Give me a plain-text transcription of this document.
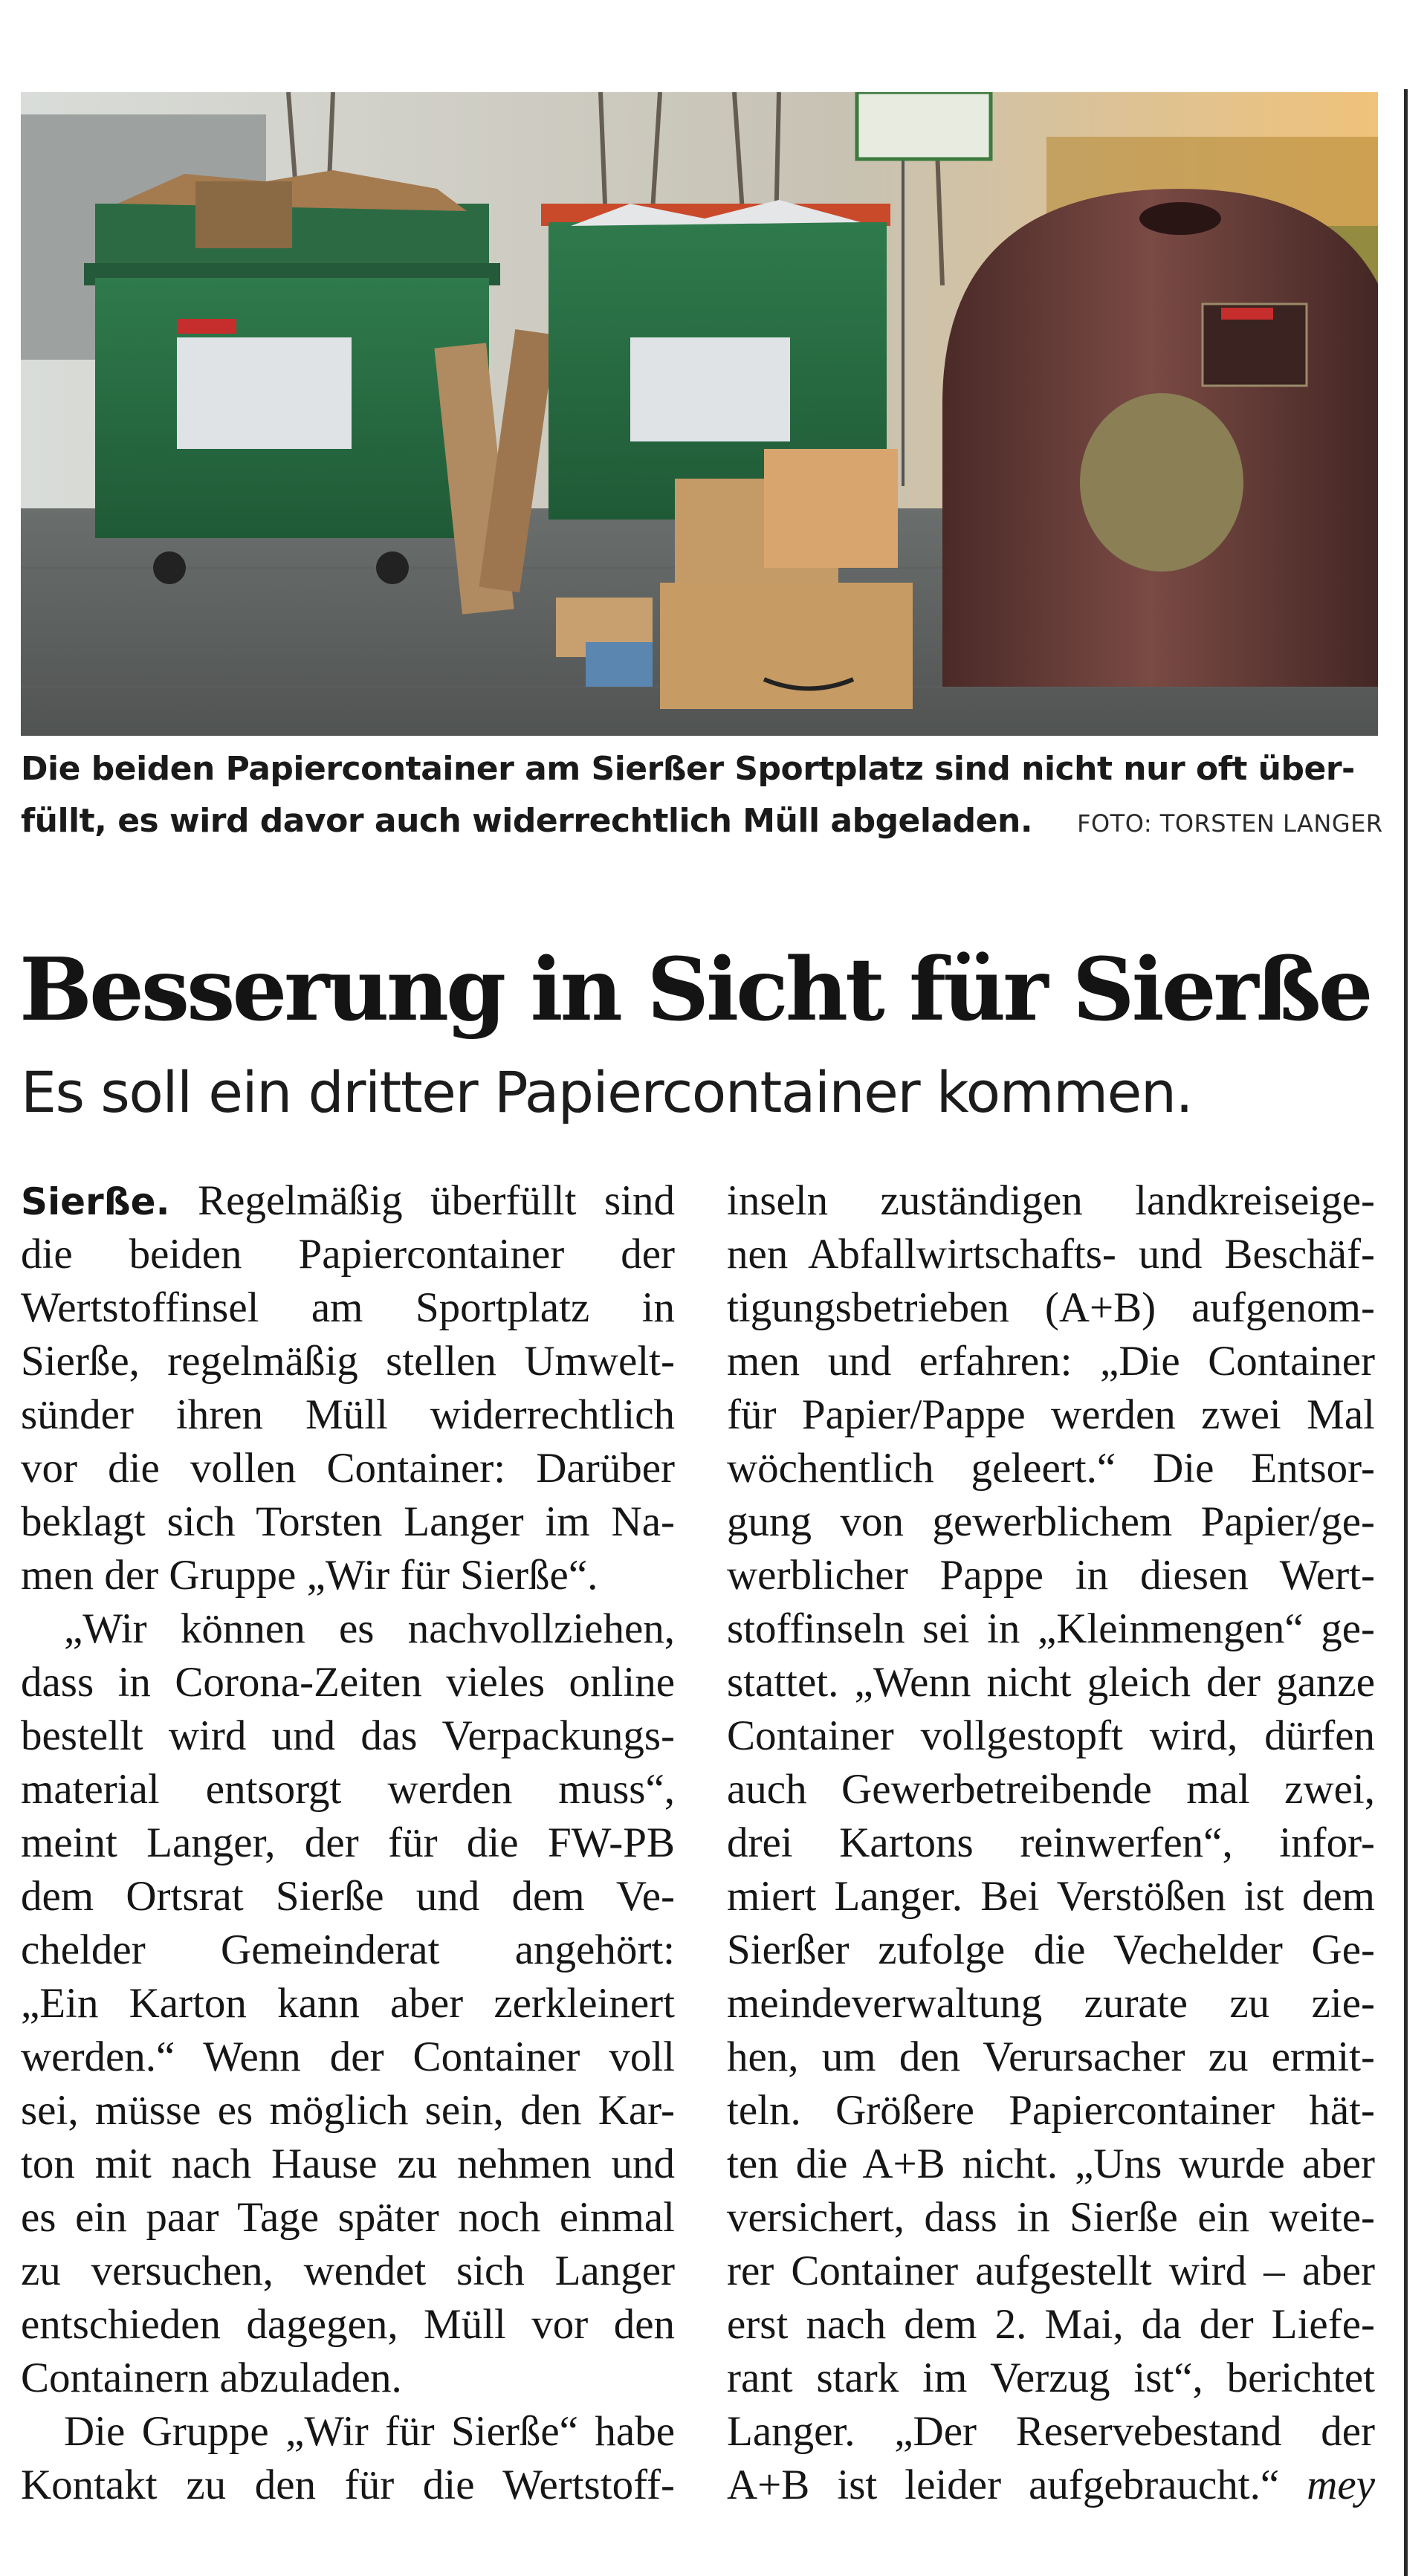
Die beiden Papiercontainer am Sierßer Sportplatz sind nicht nur oft über-
füllt, es wird davor auch widerrechtlich Müll abgeladen. FOTO: TORSTEN LANGER
Besserung in Sicht für Sierße
Es soll ein dritter Papiercontainer kommen.
Sierße. Regelmäßig überfüllt sind
die beiden Papiercontainer der
Wertstoffinsel am Sportplatz in
Sierße, regelmäßig stellen Umwelt-
sünder ihren Müll widerrechtlich
vor die vollen Container: Darüber
beklagt sich Torsten Langer im Na-
men der Gruppe „Wir für Sierße“.
„Wir können es nachvollziehen,
dass in Corona-Zeiten vieles online
bestellt wird und das Verpackungs-
material entsorgt werden muss“,
meint Langer, der für die FW-PB
dem Ortsrat Sierße und dem Ve-
chelder Gemeinderat angehört:
„Ein Karton kann aber zerkleinert
werden.“ Wenn der Container voll
sei, müsse es möglich sein, den Kar-
ton mit nach Hause zu nehmen und
es ein paar Tage später noch einmal
zu versuchen, wendet sich Langer
entschieden dagegen, Müll vor den
Containern abzuladen.
Die Gruppe „Wir für Sierße“ habe
Kontakt zu den für die Wertstoff-
inseln zuständigen landkreiseige-
nen Abfallwirtschafts- und Beschäf-
tigungsbetrieben (A+B) aufgenom-
men und erfahren: „Die Container
für Papier/Pappe werden zwei Mal
wöchentlich geleert.“ Die Entsor-
gung von gewerblichem Papier/ge-
werblicher Pappe in diesen Wert-
stoffinseln sei in „Kleinmengen“ ge-
stattet. „Wenn nicht gleich der ganze
Container vollgestopft wird, dürfen
auch Gewerbetreibende mal zwei,
drei Kartons reinwerfen“, infor-
miert Langer. Bei Verstößen ist dem
Sierßer zufolge die Vechelder Ge-
meindeverwaltung zurate zu zie-
hen, um den Verursacher zu ermit-
teln. Größere Papiercontainer hät-
ten die A+B nicht. „Uns wurde aber
versichert, dass in Sierße ein weite-
rer Container aufgestellt wird – aber
erst nach dem 2. Mai, da der Liefe-
rant stark im Verzug ist“, berichtet
Langer. „Der Reservebestand der
A+B ist leider aufgebraucht.“ mey
